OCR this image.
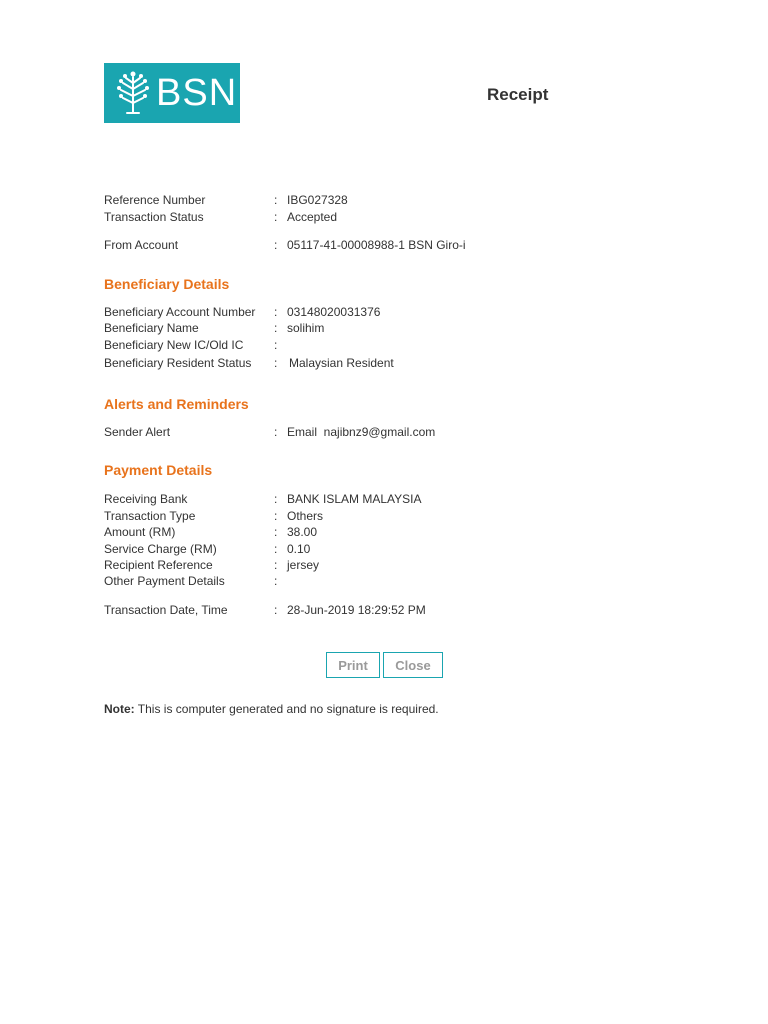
BSN	Receipt
Reference Number	: IBG027328
Transaction Status	: Accepted
From Account	: 05117-41-00008988-1 BSN Giro-i
Beneficiary Details
Beneficiary Account Number : 03148020031376
Beneficiary Name	: solihim
Beneficiary New IC/Old IC	:
Beneficiary Resident Status : Malaysian Resident
Alerts and Reminders
Sender Alert	: Email  najibnz9@gmail.com
Payment Details
Receiving Bank	: BANK ISLAM MALAYSIA
Transaction Type	: Others
Amount (RM)	: 38.00
Service Charge (RM)	: 0.10
Recipient Reference	: jersey
Other Payment Details	:
Transaction Date, Time	: 28-Jun-2019 18:29:52 PM
Print	Close
Note: This is computer generated and no signature is required.
